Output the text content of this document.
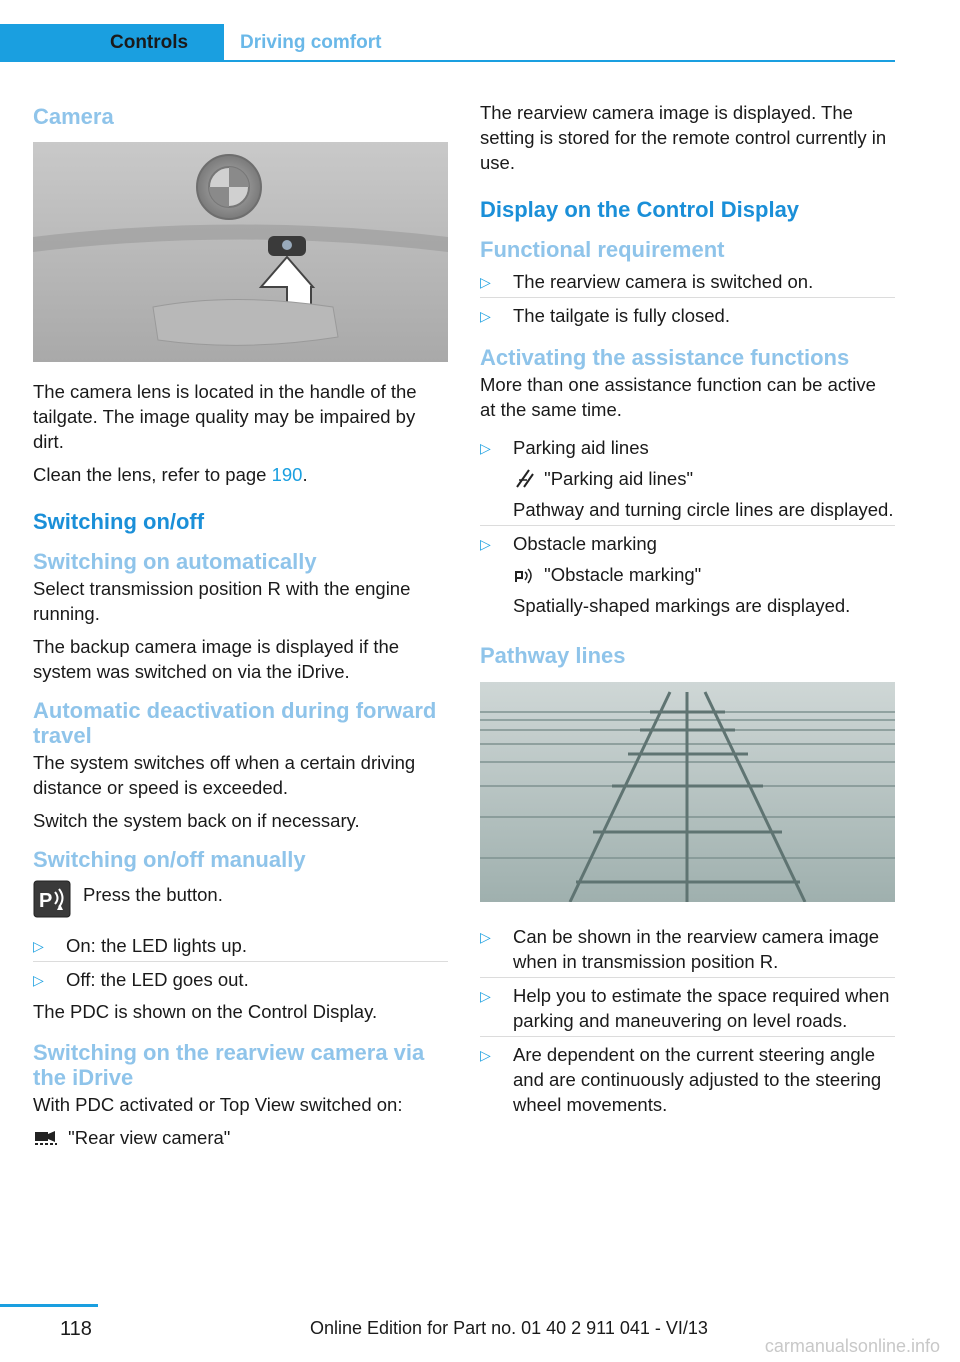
Controls	Driving comfort
Camera
The camera lens is located in the handle of the tailgate. The image quality may be impaired by dirt.
Clean the lens, refer to page 190.
Switching on/off
Switching on automatically
Select transmission position R with the engine running.
The backup camera image is displayed if the system was switched on via the iDrive.
Automatic deactivation during forward travel
The system switches off when a certain driving distance or speed is exceeded.
Switch the system back on if necessary.
Switching on/off manually
P Press the button.
▷ On: the LED lights up.
▷ Off: the LED goes out.
The PDC is shown on the Control Display.
Switching on the rearview camera via the iDrive
With PDC activated or Top View switched on:
"Rear view camera"
The rearview camera image is displayed. The setting is stored for the remote control currently in use.
Display on the Control Display
Functional requirement
▷ The rearview camera is switched on.
▷ The tailgate is fully closed.
Activating the assistance functions
More than one assistance function can be active at the same time.
▷ Parking aid lines
"Parking aid lines"
Pathway and turning circle lines are displayed.
▷ Obstacle marking
"Obstacle marking"
Spatially-shaped markings are displayed.
Pathway lines
▷ Can be shown in the rearview camera image when in transmission position R.
▷ Help you to estimate the space required when parking and maneuvering on level roads.
▷ Are dependent on the current steering angle and are continuously adjusted to the steering wheel movements.
118	Online Edition for Part no. 01 40 2 911 041 - VI/13
carmanualsonline.info
